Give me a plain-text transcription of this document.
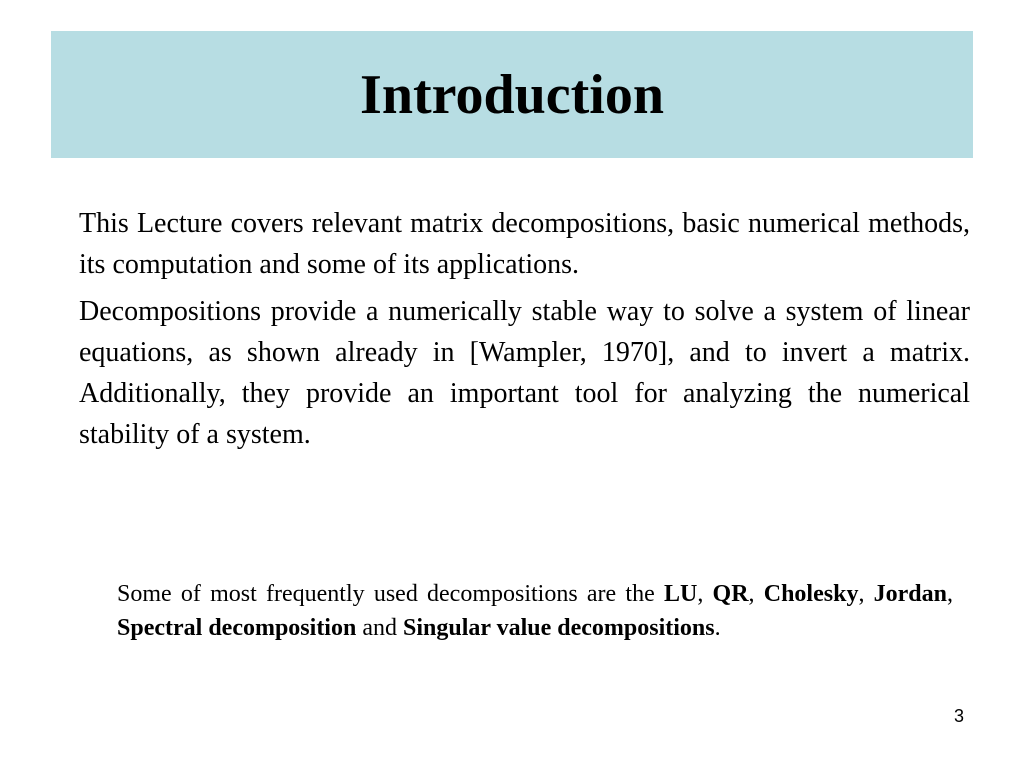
Introduction

This Lecture covers relevant matrix decompositions, basic numerical methods, its computation and some of its applications.

Decompositions provide a numerically stable way to solve a system of linear equations, as shown already in [Wampler, 1970], and to invert a matrix. Additionally, they provide an important tool for analyzing the numerical stability of a system.

Some of most frequently used decompositions are the LU, QR, Cholesky, Jordan, Spectral decomposition and Singular value decompositions.

3
